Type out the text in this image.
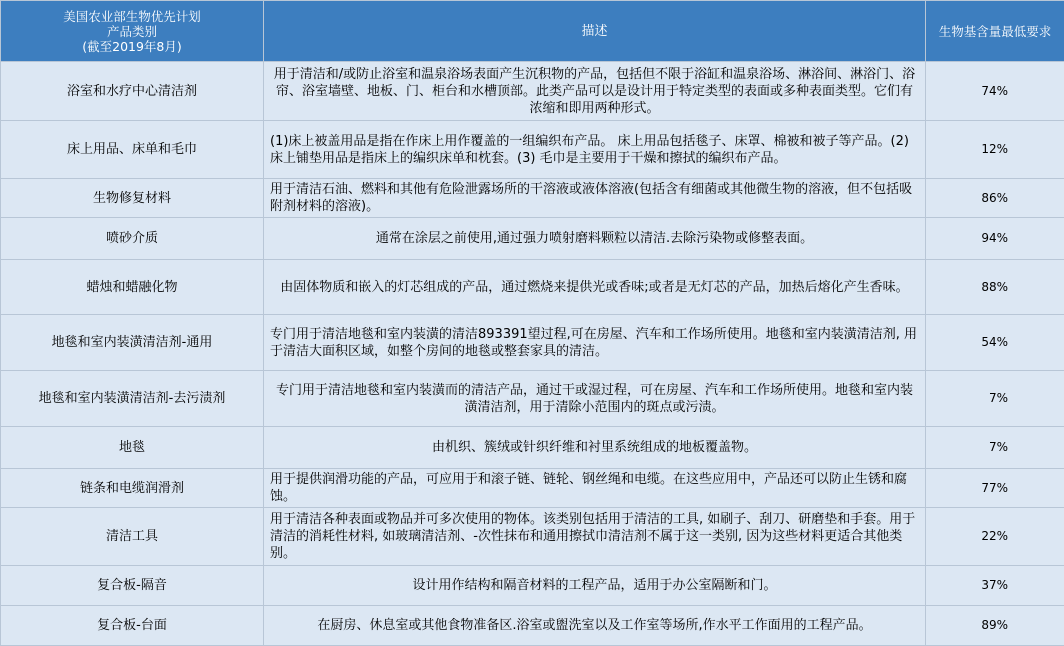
美国农业部生物优先计划
产品类别
(截至2019年8月)	描述	生物基含量最低要求
浴室和水疗中心清洁剂	用于清洁和/或防止浴室和温泉浴场表面产生沉积物的产品，包括但不限于浴缸和温泉浴场、淋浴间、淋浴门、浴帘、浴室墙壁、地板、门、柜台和水槽顶部。此类产品可以是设计用于特定类型的表面或多种表面类型。它们有浓缩和即用两种形式。	74%
床上用品、床单和毛巾	(1)床上被盖用品是指在作床上用作覆盖的一组编织布产品。 床上用品包括毯子、床罩、棉被和被子等产品。(2) 床上铺垫用品是指床上的编织床单和枕套。(3) 毛巾是主要用于干燥和擦拭的编织布产品。	12%
生物修复材料	用于清洁石油、燃料和其他有危险泄露场所的干溶液或液体溶液(包括含有细菌或其他微生物的溶液，但不包括吸附剂材料的溶液)。	86%
喷砂介质	通常在涂层之前使用,通过强力喷射磨料颗粒以清洁.去除污染物或修整表面。	94%
蜡烛和蜡融化物	由固体物质和嵌入的灯芯组成的产品，通过燃烧来提供光或香味;或者是无灯芯的产品，加热后熔化产生香味。	88%
地毯和室内装潢清洁剂-通用	专门用于清洁地毯和室内装潢的清洁893391望过程,可在房屋、汽车和工作场所使用。地毯和室内装潢清洁剂, 用于清洁大面积区域，如整个房间的地毯或整套家具的清洁。	54%
地毯和室内装潢清洁剂-去污渍剂	专门用于清洁地毯和室内装潢而的清洁产品，通过干或湿过程，可在房屋、汽车和工作场所使用。地毯和室内装潢清洁剂，用于清除小范围内的斑点或污渍。	7%
地毯	由机织、簇绒或针织纤维和衬里系统组成的地板覆盖物。	7%
链条和电缆润滑剂	用于提供润滑功能的产品，可应用于和滚子链、链轮、钢丝绳和电缆。在这些应用中，产品还可以防止生锈和腐蚀。	77%
清洁工具	用于清洁各种表面或物品并可多次使用的物体。该类别包括用于清洁的工具, 如刷子、刮刀、研磨垫和手套。用于清洁的消耗性材料, 如玻璃清洁剂、-次性抹布和通用擦拭巾清洁剂不属于这一类别, 因为这些材料更适合其他类别。	22%
复合板-隔音	设计用作结构和隔音材料的工程产品，适用于办公室隔断和门。	37%
复合板-台面	在厨房、休息室或其他食物准备区.浴室或盥洗室以及工作室等场所,作水平工作面用的工程产品。	89%
